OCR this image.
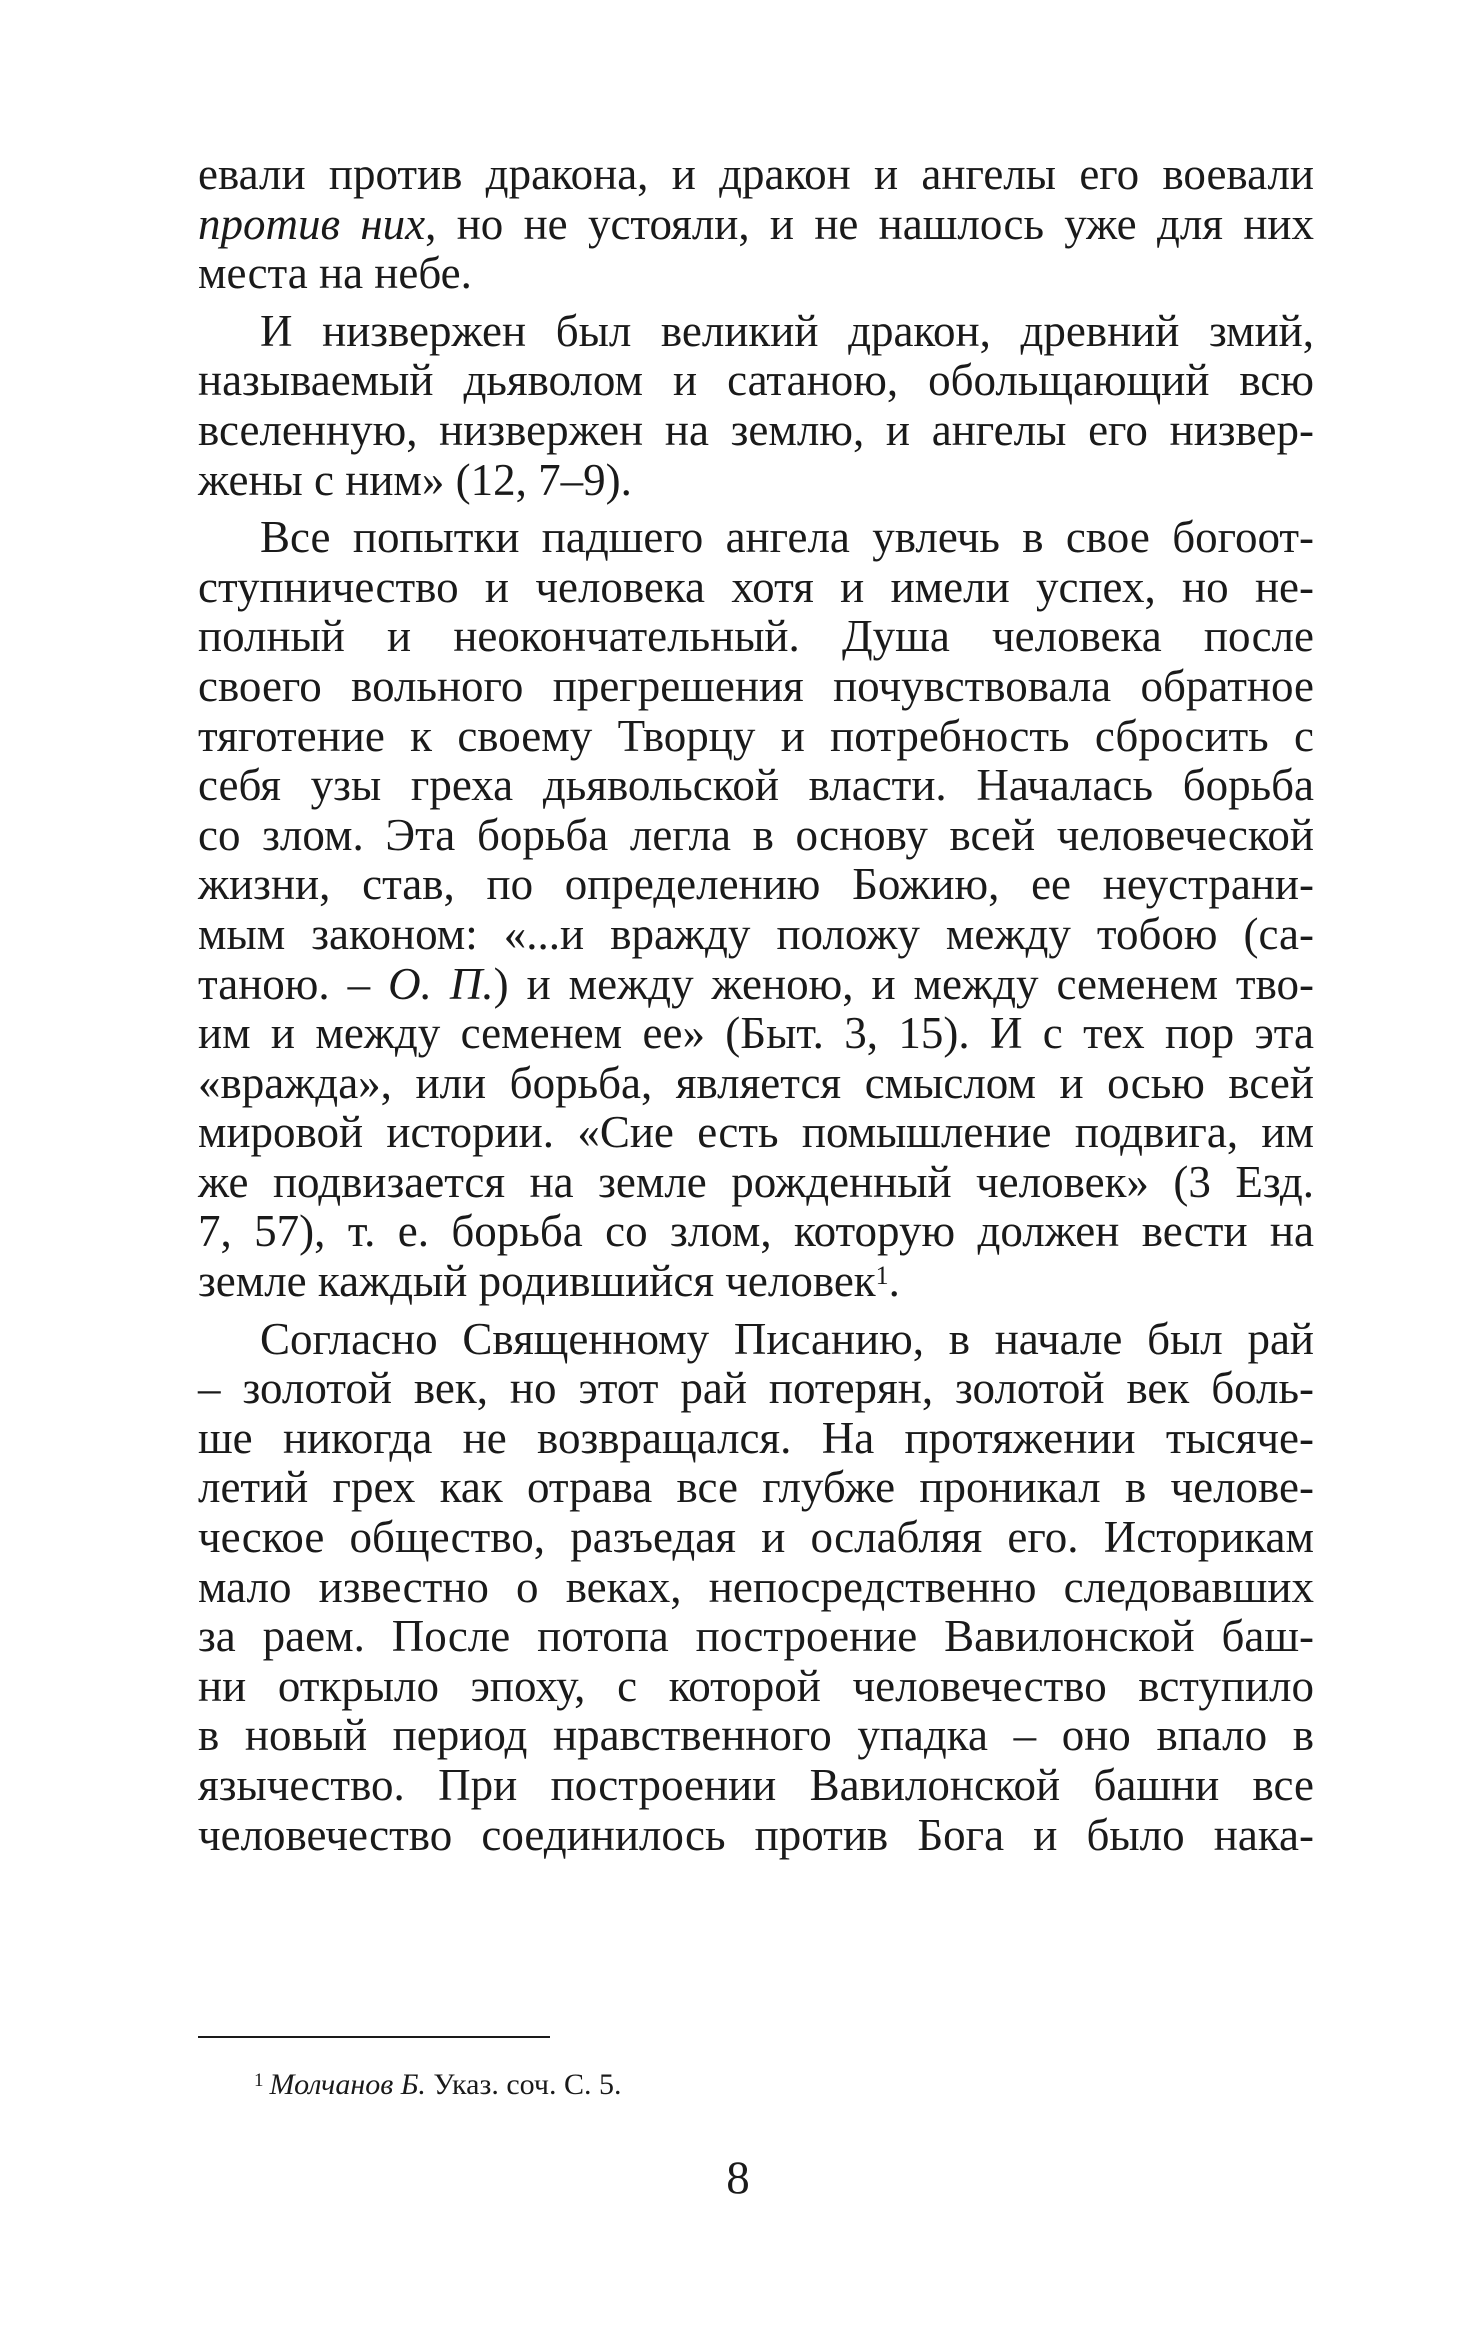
евали против дракона, и дракон и ангелы его воевали
против них, но не устояли, и не нашлось уже для них
места на небе.
И низвержен был великий дракон, древний змий,
называемый дьяволом и сатаною, обольщающий всю
вселенную, низвержен на землю, и ангелы его низвер-
жены с ним» (12, 7–9).
Все попытки падшего ангела увлечь в свое богоот-
ступничество и человека хотя и имели успех, но не-
полный и неокончательный. Душа человека после
своего вольного прегрешения почувствовала обратное
тяготение к своему Творцу и потребность сбросить с
себя узы греха дьявольской власти. Началась борьба
со злом. Эта борьба легла в основу всей человеческой
жизни, став, по определению Божию, ее неустрани-
мым законом: «...и вражду положу между тобою (са-
таною. – О. П.) и между женою, и между семенем тво-
им и между семенем ее» (Быт. 3, 15). И с тех пор эта
«вражда», или борьба, является смыслом и осью всей
мировой истории. «Сие есть помышление подвига, им
же подвизается на земле рожденный человек» (3 Езд.
7, 57), т. е. борьба со злом, которую должен вести на
земле каждый родившийся человек$^1$.
Согласно Священному Писанию, в начале был рай
– золотой век, но этот рай потерян, золотой век боль-
ше никогда не возвращался. На протяжении тысяче-
летий грех как отрава все глубже проникал в челове-
ческое общество, разъедая и ослабляя его. Историкам
мало известно о веках, непосредственно следовавших
за раем. После потопа построение Вавилонской баш-
ни открыло эпоху, с которой человечество вступило
в новый период нравственного упадка – оно впало в
язычество. При построении Вавилонской башни все
человечество соединилось против Бога и было нака-
$^1$ Молчанов Б. Указ. соч. С. 5.
8
